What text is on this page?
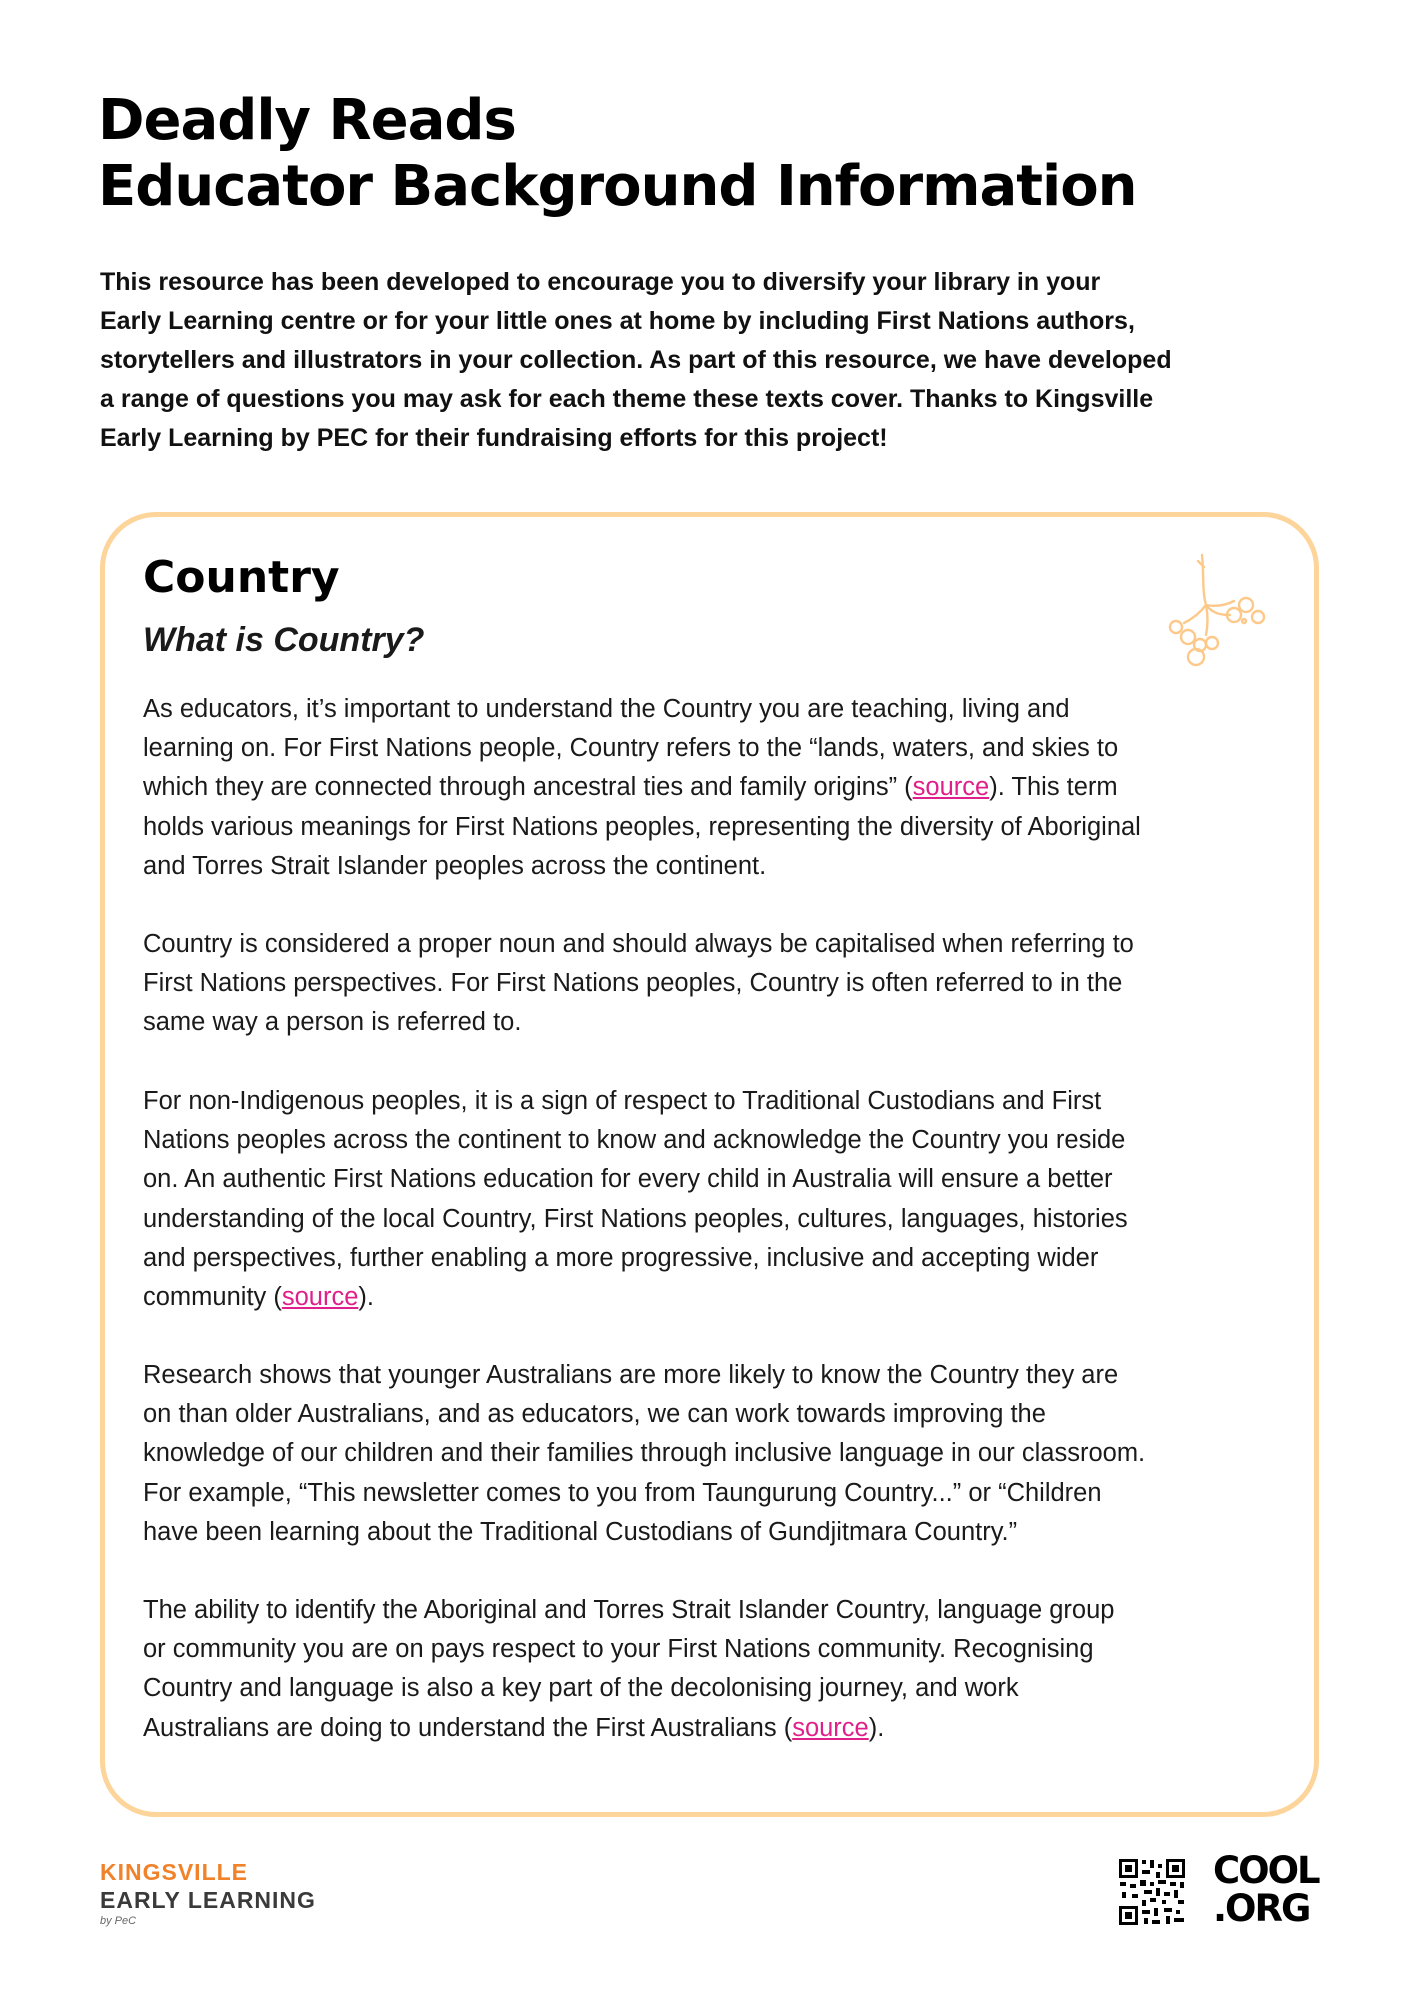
Deadly Reads
Educator Background Information

This resource has been developed to encourage you to diversify your library in your
Early Learning centre or for your little ones at home by including First Nations authors,
storytellers and illustrators in your collection. As part of this resource, we have developed
a range of questions you may ask for each theme these texts cover. Thanks to Kingsville
Early Learning by PEC for their fundraising efforts for this project!

Country
What is Country?

As educators, it’s important to understand the Country you are teaching, living and
learning on. For First Nations people, Country refers to the “lands, waters, and skies to
which they are connected through ancestral ties and family origins” (source). This term
holds various meanings for First Nations peoples, representing the diversity of Aboriginal
and Torres Strait Islander peoples across the continent.

Country is considered a proper noun and should always be capitalised when referring to
First Nations perspectives. For First Nations peoples, Country is often referred to in the
same way a person is referred to.

For non-Indigenous peoples, it is a sign of respect to Traditional Custodians and First
Nations peoples across the continent to know and acknowledge the Country you reside
on. An authentic First Nations education for every child in Australia will ensure a better
understanding of the local Country, First Nations peoples, cultures, languages, histories
and perspectives, further enabling a more progressive, inclusive and accepting wider
community (source).

Research shows that younger Australians are more likely to know the Country they are
on than older Australians, and as educators, we can work towards improving the
knowledge of our children and their families through inclusive language in our classroom.
For example, “This newsletter comes to you from Taungurung Country...” or “Children
have been learning about the Traditional Custodians of Gundjitmara Country.”

The ability to identify the Aboriginal and Torres Strait Islander Country, language group
or community you are on pays respect to your First Nations community. Recognising
Country and language is also a key part of the decolonising journey, and work
Australians are doing to understand the First Australians (source).

KINGSVILLE
EARLY LEARNING
by PeC
COOL
.ORG
